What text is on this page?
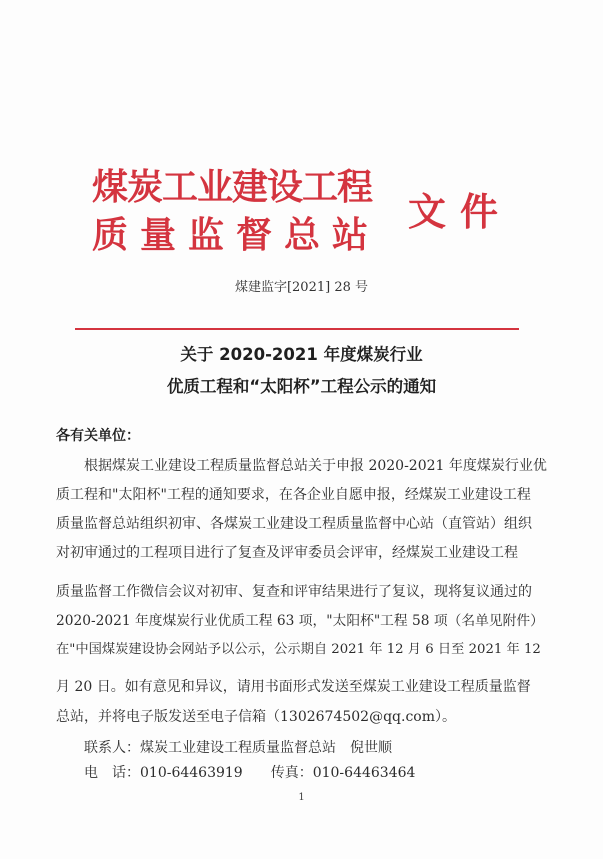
煤炭工业建设工程
质量监督总站
文件
煤建监字[2021] 28 号
关于 2020-2021 年度煤炭行业
优质工程和“太阳杯”工程公示的通知
各有关单位：
根据煤炭工业建设工程质量监督总站关于申报 2020-2021 年度煤炭行业优
质工程和"太阳杯"工程的通知要求，在各企业自愿申报，经煤炭工业建设工程
质量监督总站组织初审、各煤炭工业建设工程质量监督中心站（直管站）组织
对初审通过的工程项目进行了复查及评审委员会评审，经煤炭工业建设工程
质量监督工作微信会议对初审、复查和评审结果进行了复议，现将复议通过的
2020-2021 年度煤炭行业优质工程 63 项，"太阳杯"工程 58 项（名单见附件）
在"中国煤炭建设协会网站予以公示，公示期自 2021 年 12 月 6 日至 2021 年 12
月 20 日。如有意见和异议，请用书面形式发送至煤炭工业建设工程质量监督
总站，并将电子版发送至电子信箱（1302674502@qq.com）。
联系人：煤炭工业建设工程质量监督总站　倪世顺
电　话：010-64463919　　传真：010-64463464
1
